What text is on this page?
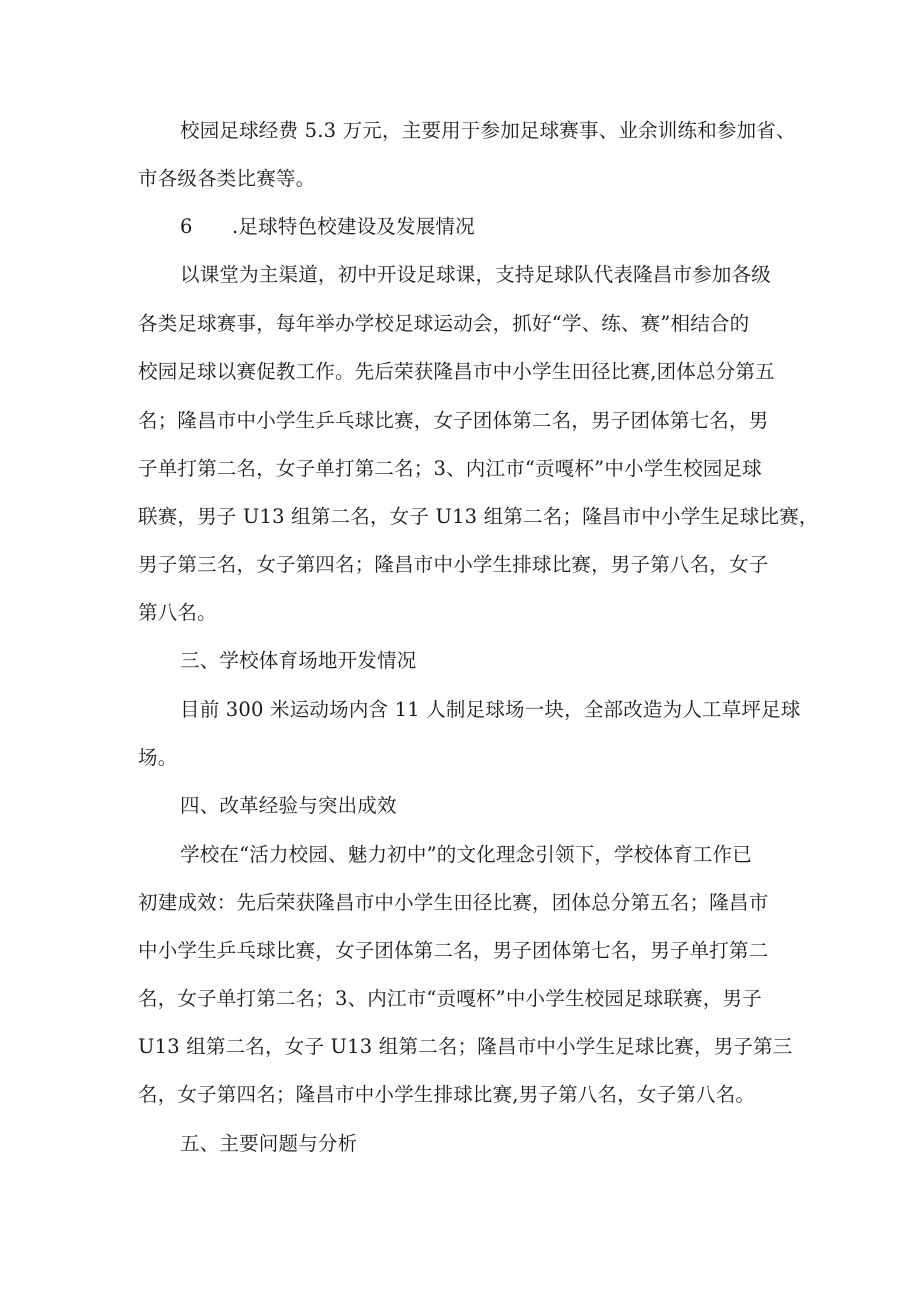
校园足球经费 5.3 万元，主要用于参加足球赛事、业余训练和参加省、
市各级各类比赛等。
6 .足球特色校建设及发展情况
以课堂为主渠道，初中开设足球课，支持足球队代表隆昌市参加各级
各类足球赛事，每年举办学校足球运动会，抓好“学、练、赛”相结合的
校园足球以赛促教工作。先后荣获隆昌市中小学生田径比赛,团体总分第五
名；隆昌市中小学生乒乓球比赛，女子团体第二名，男子团体第七名，男
子单打第二名，女子单打第二名；3、内江市“贡嘎杯”中小学生校园足球
联赛，男子 U13 组第二名，女子 U13 组第二名；隆昌市中小学生足球比赛，
男子第三名，女子第四名；隆昌市中小学生排球比赛，男子第八名，女子
第八名。
三、学校体育场地开发情况
目前 300 米运动场内含 11 人制足球场一块，全部改造为人工草坪足球
场。
四、改革经验与突出成效
学校在“活力校园、魅力初中”的文化理念引领下，学校体育工作已
初建成效：先后荣获隆昌市中小学生田径比赛，团体总分第五名；隆昌市
中小学生乒乓球比赛，女子团体第二名，男子团体第七名，男子单打第二
名，女子单打第二名；3、内江市“贡嘎杯”中小学生校园足球联赛，男子
U13 组第二名，女子 U13 组第二名；隆昌市中小学生足球比赛，男子第三
名，女子第四名；隆昌市中小学生排球比赛,男子第八名，女子第八名。
五、主要问题与分析
